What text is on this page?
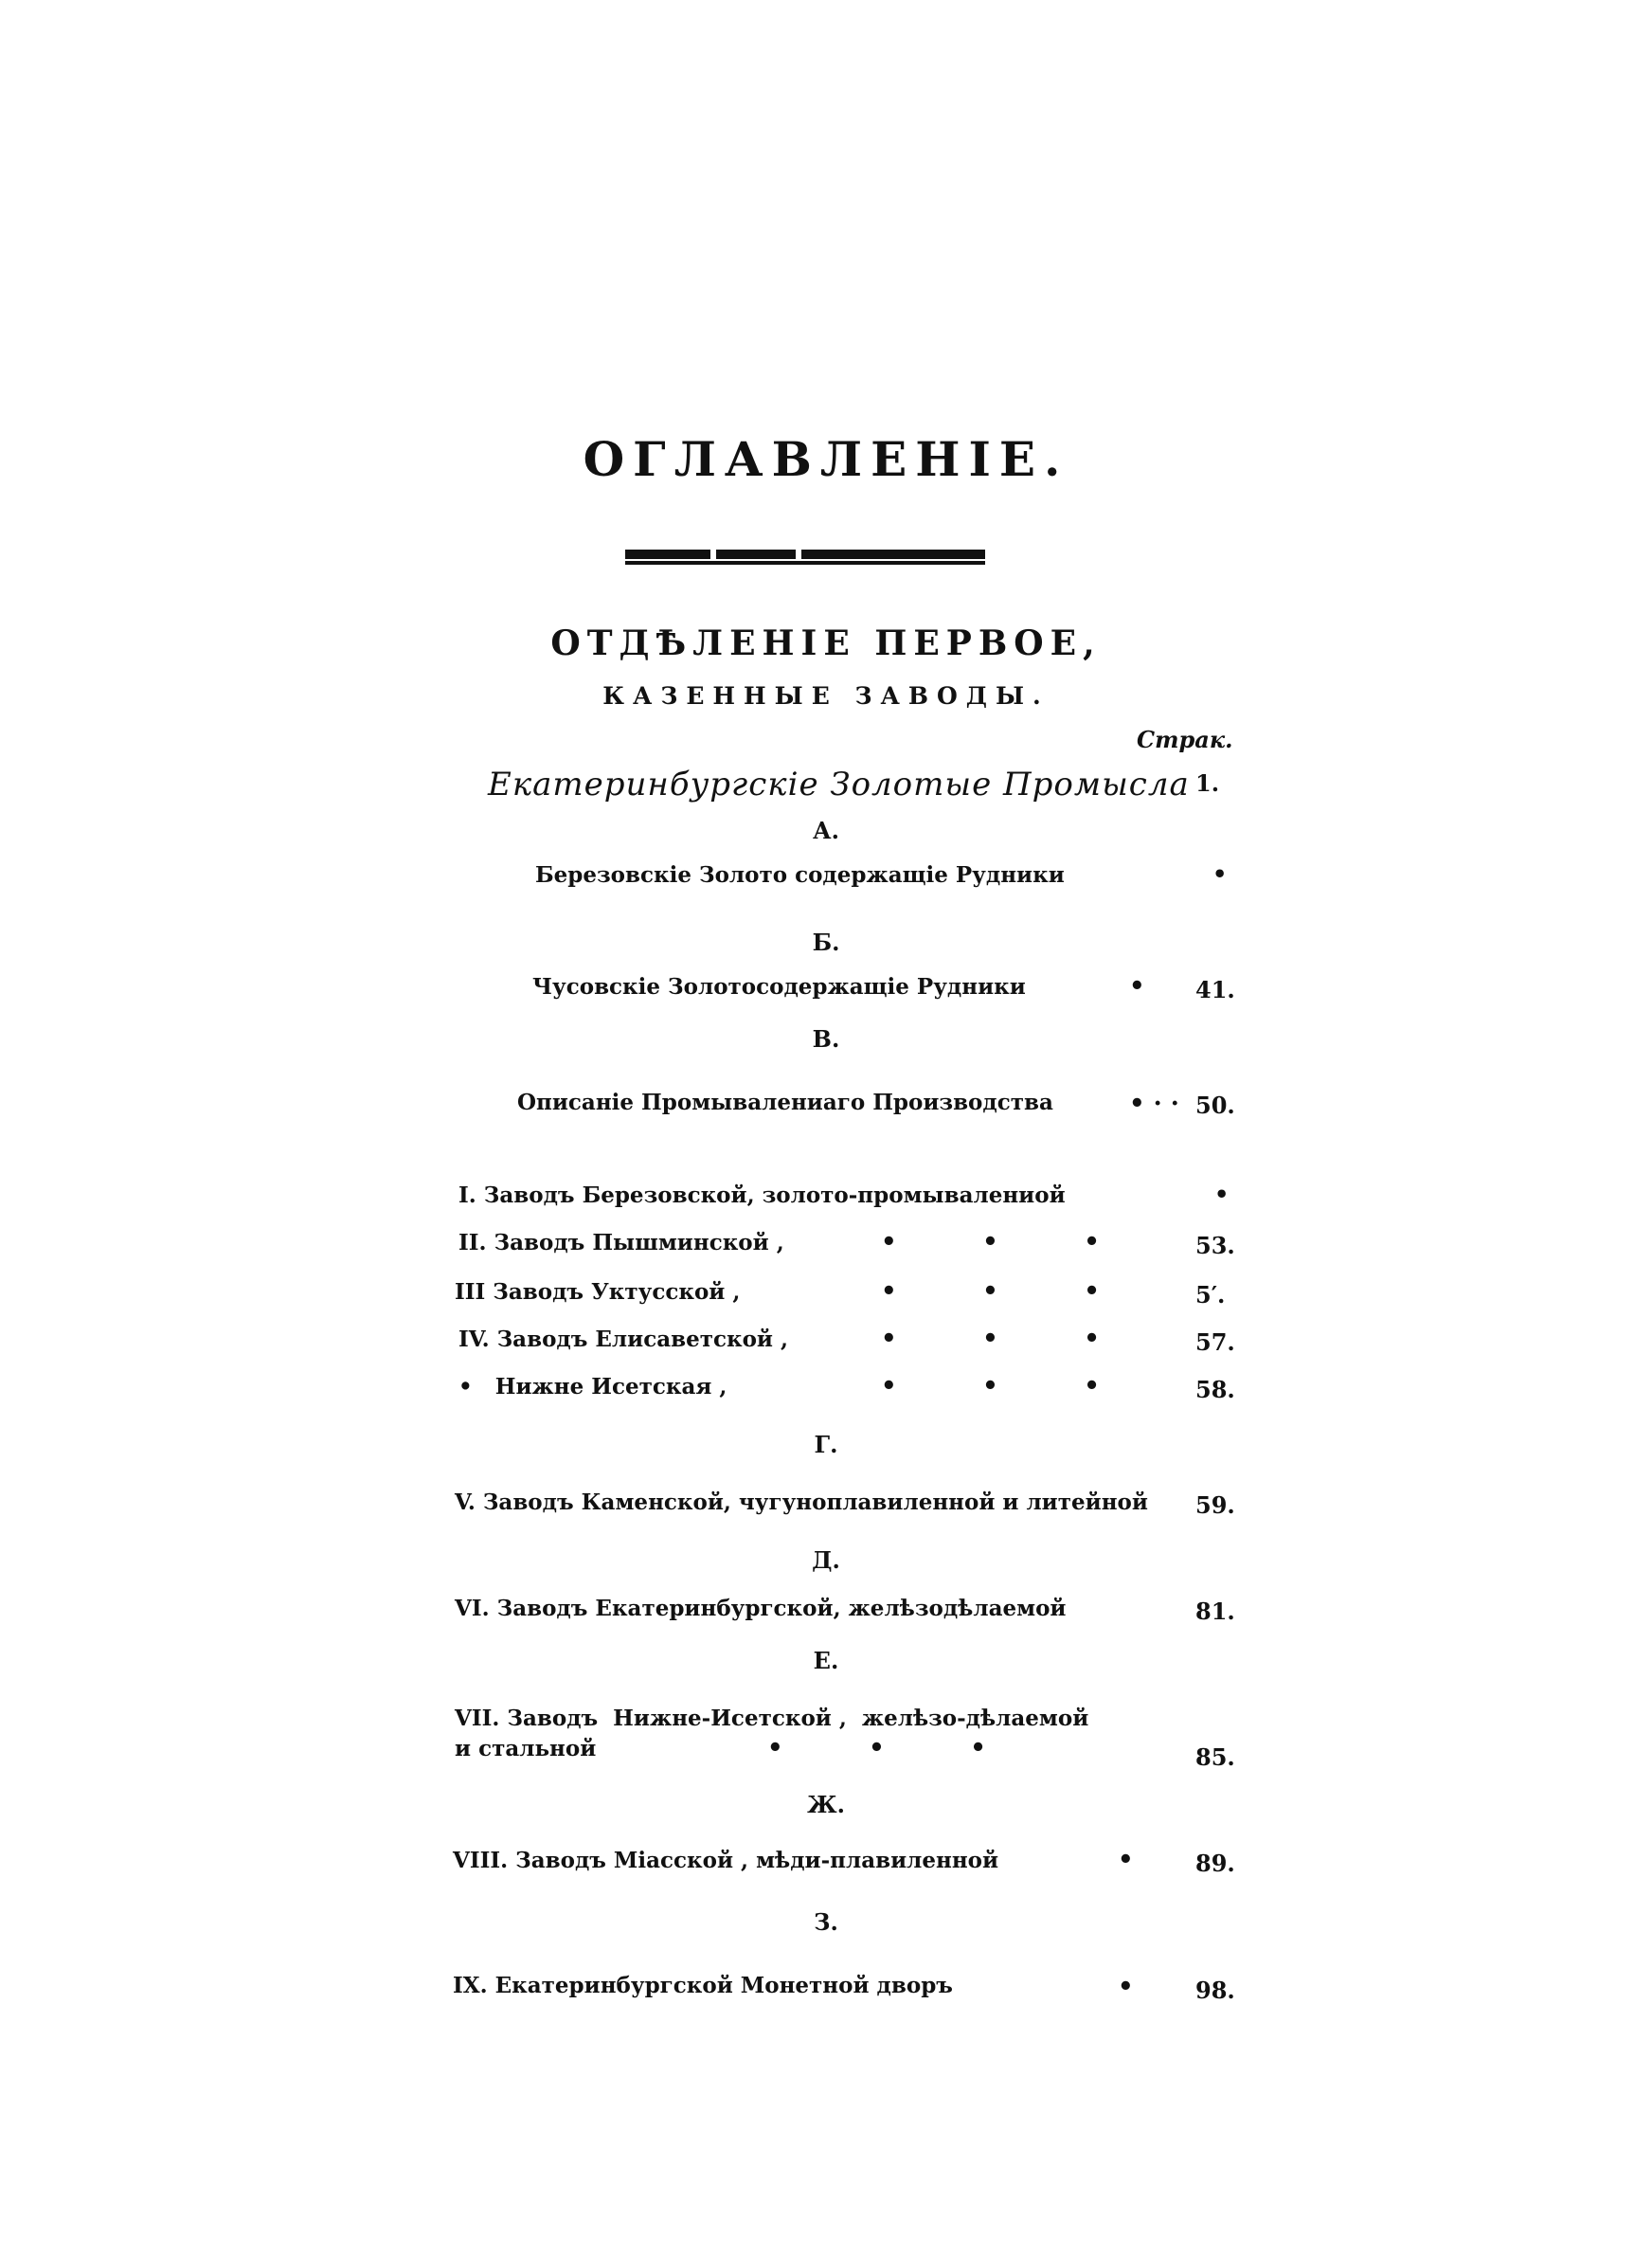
ОГЛАВЛЕНІЕ.
ОТДѢЛЕНІЕ ПЕРВОЕ,
КАЗЕННЫЕ ЗАВОДЫ.
Страк.
Екатеринбургскіе Золотые Промысла 1.
А.
Березовскіе Золото содержащіе Рудники	•
Б.
Чусовскіе Золотосодержащіе Рудники	• 41.
В.
Описаніе Промывалениаго Производства	• · · 50.
I. Заводъ Березовской, золото-промывалениой	•
II. Заводъ Пышминской ,	•          •          •	53.
III Заводъ Уктусской ,	•          •          •	5′.
IV. Заводъ Елисаветской ,	•          •          •	57.
•   Нижне Исетская ,	•          •          •	58.
Г.
V. Заводъ Каменской, чугуноплавиленной и литейной 59.
Д.
VI. Заводъ Екатеринбургской, желѣзодѣлаемой	81.
Е.
VII. Заводъ  Нижне-Исетской ,  желѣзо-дѣлаемой
и стальной	•          •          •	85.
Ж.
VIII. Заводъ Міасской , мѣди-плавиленной	•	89.
З.
IX. Екатеринбургской Монетной дворъ	•	98.
